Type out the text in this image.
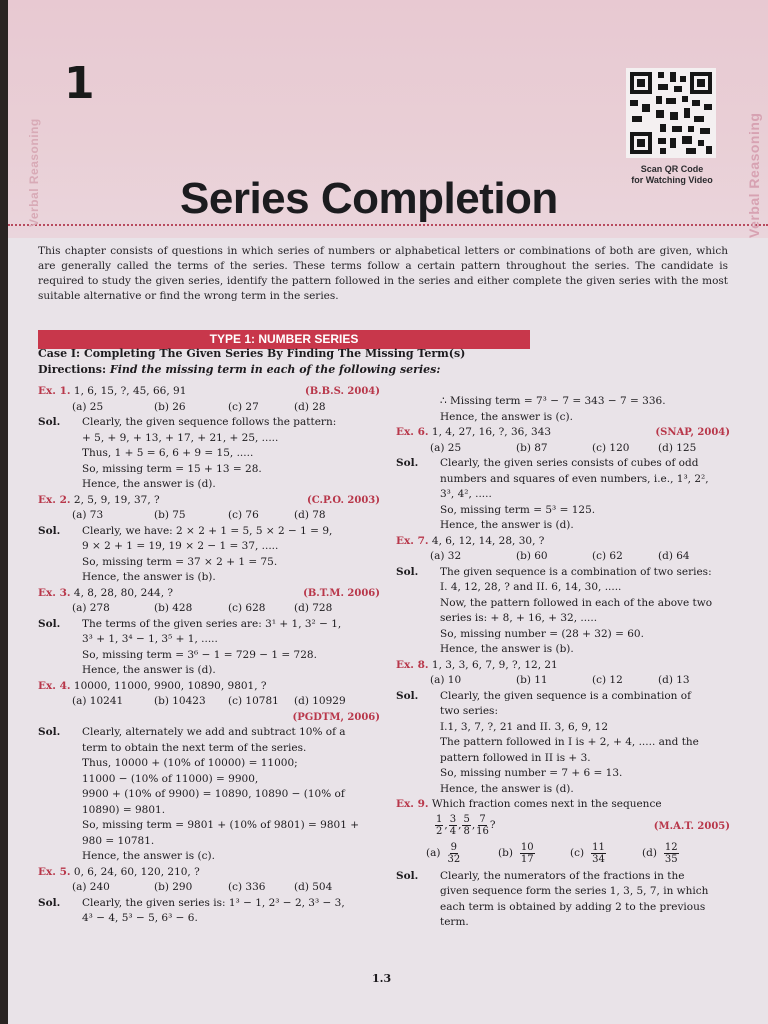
1
Verbal Reasoning	Verbal Reasoning
Series Completion
Scan QR Code
for Watching Video

This chapter consists of questions in which series of numbers or alphabetical letters or combinations of both are given, which are generally called the terms of the series. These terms follow a certain pattern throughout the series. The candidate is required to study the given series, identify the pattern followed in the series and either complete the given series with the most suitable alternative or find the wrong term in the series.

TYPE 1: NUMBER SERIES
Case I: Completing The Given Series By Finding The Missing Term(s)
Directions: Find the missing term in each of the following series:
Ex. 1. 1, 6, 15, ?, 45, 66, 91	(B.B.S. 2004)
(a) 25	(b) 26	(c) 27	(d) 28
Sol. Clearly, the given sequence follows the pattern:
+ 5, + 9, + 13, + 17, + 21, + 25, .....
Thus, 1 + 5 = 6, 6 + 9 = 15, .....
So, missing term = 15 + 13 = 28.
Hence, the answer is (d).
Ex. 2. 2, 5, 9, 19, 37, ?	(C.P.O. 2003)
(a) 73	(b) 75	(c) 76	(d) 78
Sol. Clearly, we have: 2 × 2 + 1 = 5, 5 × 2 − 1 = 9,
9 × 2 + 1 = 19, 19 × 2 − 1 = 37, .....
So, missing term = 37 × 2 + 1 = 75.
Hence, the answer is (b).
Ex. 3. 4, 8, 28, 80, 244, ?	(B.T.M. 2006)
(a) 278	(b) 428	(c) 628	(d) 728
Sol. The terms of the given series are: 3¹ + 1, 3² − 1,
3³ + 1, 3⁴ − 1, 3⁵ + 1, .....
So, missing term = 3⁶ − 1 = 729 − 1 = 728.
Hence, the answer is (d).
Ex. 4. 10000, 11000, 9900, 10890, 9801, ?
(a) 10241	(b) 10423 (c) 10781 (d) 10929
(PGDTM, 2006)
Sol. Clearly, alternately we add and subtract 10% of a
term to obtain the next term of the series.
Thus, 10000 + (10% of 10000) = 11000;
11000 − (10% of 11000) = 9900,
9900 + (10% of 9900) = 10890, 10890 − (10% of
10890) = 9801.
So, missing term = 9801 + (10% of 9801) = 9801 +
980 = 10781.
Hence, the answer is (c).
Ex. 5. 0, 6, 24, 60, 120, 210, ?
(a) 240	(b) 290	(c) 336	(d) 504
Sol. Clearly, the given series is: 1³ − 1, 2³ − 2, 3³ − 3,
4³ − 4, 5³ − 5, 6³ − 6.
∴ Missing term = 7³ − 7 = 343 − 7 = 336.
Hence, the answer is (c).
Ex. 6. 1, 4, 27, 16, ?, 36, 343	(SNAP, 2004)
(a) 25	(b) 87	(c) 120	(d) 125
Sol. Clearly, the given series consists of cubes of odd
numbers and squares of even numbers, i.e., 1³, 2²,
3³, 4², .....
So, missing term = 5³ = 125.
Hence, the answer is (d).
Ex. 7. 4, 6, 12, 14, 28, 30, ?
(a) 32	(b) 60	(c) 62	(d) 64
Sol. The given sequence is a combination of two series:
I. 4, 12, 28, ? and II. 6, 14, 30, .....
Now, the pattern followed in each of the above two
series is: + 8, + 16, + 32, .....
So, missing number = (28 + 32) = 60.
Hence, the answer is (b).
Ex. 8. 1, 3, 3, 6, 7, 9, ?, 12, 21
(a) 10	(b) 11	(c) 12	(d) 13
Sol. Clearly, the given sequence is a combination of
two series:
I.1, 3, 7, ?, 21 and II. 3, 6, 9, 12
The pattern followed in I is + 2, + 4, ..... and the
pattern followed in II is + 3.
So, missing number = 7 + 6 = 13.
Hence, the answer is (d).
Ex. 9. Which fraction comes next in the sequence
$\frac{1}{2}$ , $\frac{3}{4}$ , $\frac{5}{8}$ , $\frac{7}{16}$ ?	(M.A.T. 2005)
$(a) \frac{9}{32}$	$(b) \frac{10}{17}$	$(c) \frac{11}{34}$	$(d) \frac{12}{35}$
Sol. Clearly, the numerators of the fractions in the
given sequence form the series 1, 3, 5, 7, in which
each term is obtained by adding 2 to the previous
term.
1.3
